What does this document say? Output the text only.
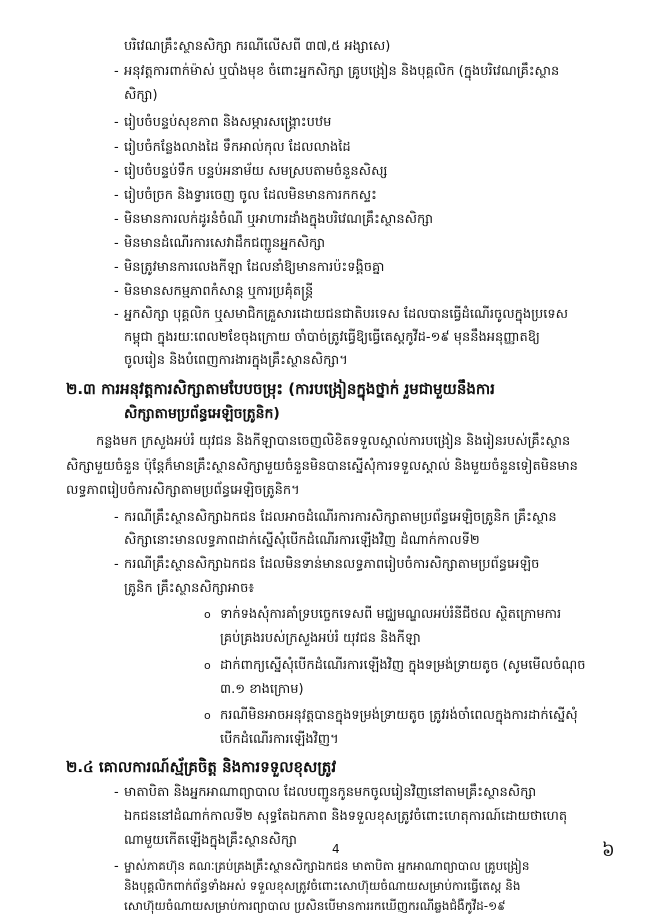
បរិវេណគ្រឹះស្ថានសិក្សា ករណីលើសពី ៣៧,៥ អង្សាសេ)
- អនុវត្តការពាក់ម៉ាស់ ឬបាំងមុខ ចំពោះអ្នកសិក្សា គ្រូបង្រៀន និងបុគ្គលិក (ក្នុងបរិវេណគ្រឹះស្ថាន
សិក្សា)
- រៀបចំបន្ទប់សុខភាព និងសម្ភារសង្គ្រោះបឋម
- រៀបចំកន្លែងលាងដៃ ទឹកអាល់កុល ដែលលាងដៃ
- រៀបចំបន្ទប់ទឹក បន្ទប់អនាម័យ សមស្របតាមចំនួនសិស្ស
- រៀបចំច្រក និងទ្វារចេញ ចូល ដែលមិនមានការកកស្ទះ
- មិនមានការលក់ដូរនំចំណី ឬអាហារដាំងក្នុងបរិវេណគ្រឹះស្ថានសិក្សា
- មិនមានដំណើរការសេវាដឹកជញ្ជូនអ្នកសិក្សា
- មិនត្រូវមានការលេងកីឡា ដែលនាំឱ្យមានការប៉ះទង្គិចគ្នា
- មិនមានសកម្មភាពកំសាន្ត ឬការប្រគុំតន្ត្រី
- អ្នកសិក្សា បុគ្គលិក ឬសមាជិកគ្រួសារដោយជនជាតិបរទេស ដែលបានធ្វើដំណើរចូលក្នុងប្រទេស
កម្ពុជា ក្នុងរយៈពេល២ខែចុងក្រោយ ចាំបាច់ត្រូវធ្វើឱ្យធ្វើតេស្តកូវីដ-១៩ មុននឹងអនុញ្ញាតឱ្យ
ចូលរៀន និងបំពេញការងារក្នុងគ្រឹះស្ថានសិក្សា។
២.៣ ការអនុវត្តការសិក្សាតាមបែបចម្រុះ (ការបង្រៀនក្នុងថ្នាក់ រួមជាមួយនឹងការ
សិក្សាតាមប្រព័ន្ធអេឡិចត្រូនិក)
កន្លងមក ក្រសួងអប់រំ យុវជន និងកីឡាបានចេញលិខិតទទួលស្គាល់ការបង្រៀន និងរៀនរបស់គ្រឹះស្ថាន
សិក្សាមួយចំនួន ប៉ុន្តែក៏មានគ្រឹះស្ថានសិក្សាមួយចំនួនមិនបានស្នើសុំការទទួលស្គាល់ និងមួយចំនួនទៀតមិនមាន
លទ្ធភាពរៀបចំការសិក្សាតាមប្រព័ន្ធអេឡិចត្រូនិក។
- ករណីគ្រឹះស្ថានសិក្សាឯកជន ដែលអាចដំណើរការការសិក្សាតាមប្រព័ន្ធអេឡិចត្រូនិក គ្រឹះស្ថាន
សិក្សានោះមានលទ្ធភាពដាក់ស្នើសុំបើកដំណើរការឡើងវិញ ដំណាក់កាលទី២
- ករណីគ្រឹះស្ថានសិក្សាឯកជន ដែលមិនទាន់មានលទ្ធភាពរៀបចំការសិក្សាតាមប្រព័ន្ធអេឡិច
ត្រូនិក គ្រឹះស្ថានសិក្សាអាច៖
o ទាក់ទងសុំការគាំទ្របច្ចេកទេសពី មជ្ឈមណ្ឌលអប់រំនីជីថល ស្ថិតក្រោមការ
គ្រប់គ្រងរបស់ក្រសួងអប់រំ យុវជន និងកីឡា
o ដាក់ពាក្យស្នើសុំបើកដំណើរការឡើងវិញ ក្នុងទម្រង់ទ្រាយតូច (សូមមើលចំណុច
៣.១ ខាងក្រោម)
o ករណីមិនអាចអនុវត្តបានក្នុងទម្រង់ទ្រាយតូច ត្រូវរង់ចាំពេលក្នុងការដាក់ស្នើសុំ
បើកដំណើរការឡើងវិញ។
២.៤ គោលការណ៍ស្ម័គ្រចិត្ត និងការទទួលខុសត្រូវ
- មាតាបិតា និងអ្នកអាណាព្យាបាល ដែលបញ្ជូនកូនមកចូលរៀនវិញនៅតាមគ្រឹះស្ថានសិក្សា
ឯកជននៅដំណាក់កាលទី២ សុទ្ធតែឯកភាព និងទទួលខុសត្រូវចំពោះហេតុការណ៍ដោយថាហេតុ
ណាមួយកើតឡើងក្នុងគ្រឹះស្ថានសិក្សា
- ម្ចាស់ភាគហ៊ុន គណៈគ្រប់គ្រងគ្រឹះស្ថានសិក្សាឯកជន មាតាបិតា អ្នកអាណាព្យាបាល គ្រូបង្រៀន
និងបុគ្គលិកពាក់ព័ន្ធទាំងអស់ ទទួលខុសត្រូវចំពោះសោហ៊ុយចំណាយសម្រាប់ការធ្វើតេស្ត និង
សោហ៊ុយចំណាយសម្រាប់ការព្យាបាល ប្រសិនបើមានការរកឃើញករណីឆ្លងជំងឺកូវីដ-១៩
៦
4
